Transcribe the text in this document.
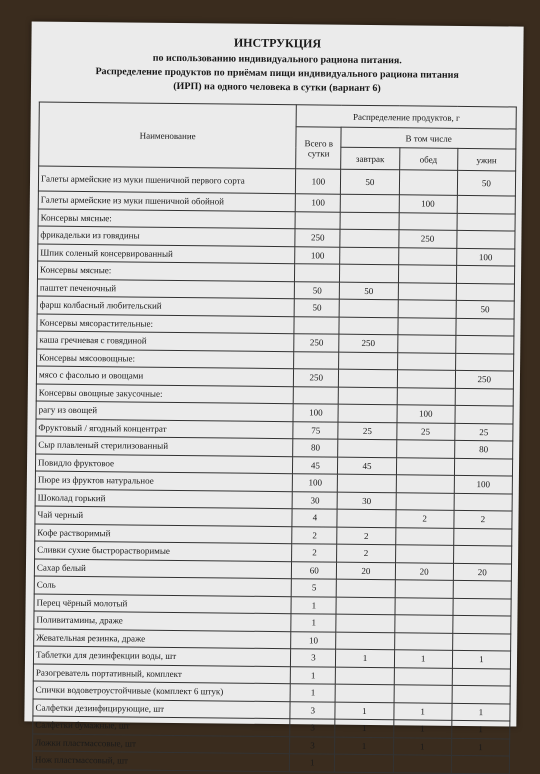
ИНСТРУКЦИЯ
по использованию индивидуального рациона питания.
Распределение продуктов по приёмам пищи индивидуального рациона питания
(ИРП) на одного человека в сутки (вариант 6)
Наименование	Распределение продуктов, г			
	Всего в сутки	В том числе		
		завтрак	обед	ужин
Галеты армейские из муки пшеничной первого сорта	100	50		50
Галеты армейские из муки пшеничной обойной	100		100	
Консервы мясные:				
фрикадельки из говядины	250		250	
Шпик соленый консервированный	100			100
Консервы мясные:				
паштет печеночный	50	50		
фарш колбасный любительский	50			50
Консервы мясорастительные:				
каша гречневая с говядиной	250	250		
Консервы мясоовощные:				
мясо с фасолью и овощами	250			250
Консервы овощные закусочные:				
рагу из овощей	100		100	
Фруктовый / ягодный концентрат	75	25	25	25
Сыр плавленый стерилизованный	80			80
Повидло фруктовое	45	45		
Пюре из фруктов натуральное	100			100
Шоколад горький	30	30		
Чай черный	4		2	2
Кофе растворимый	2	2		
Сливки сухие быстрорастворимые	2	2		
Сахар белый	60	20	20	20
Соль	5			
Перец чёрный молотый	1			
Поливитамины, драже	1			
Жевательная резинка, драже	10			
Таблетки для дезинфекции воды, шт	3	1	1	1
Разогреватель портативный, комплект	1			
Спички водоветроустойчивые (комплект 6 штук)	1			
Салфетки дезинфицирующие, шт	3	1	1	1
Салфетки бумажные, шт	3	1	1	1
Ложки пластмассовые, шт	3	1	1	1
Нож пластмассовый, шт	1			
